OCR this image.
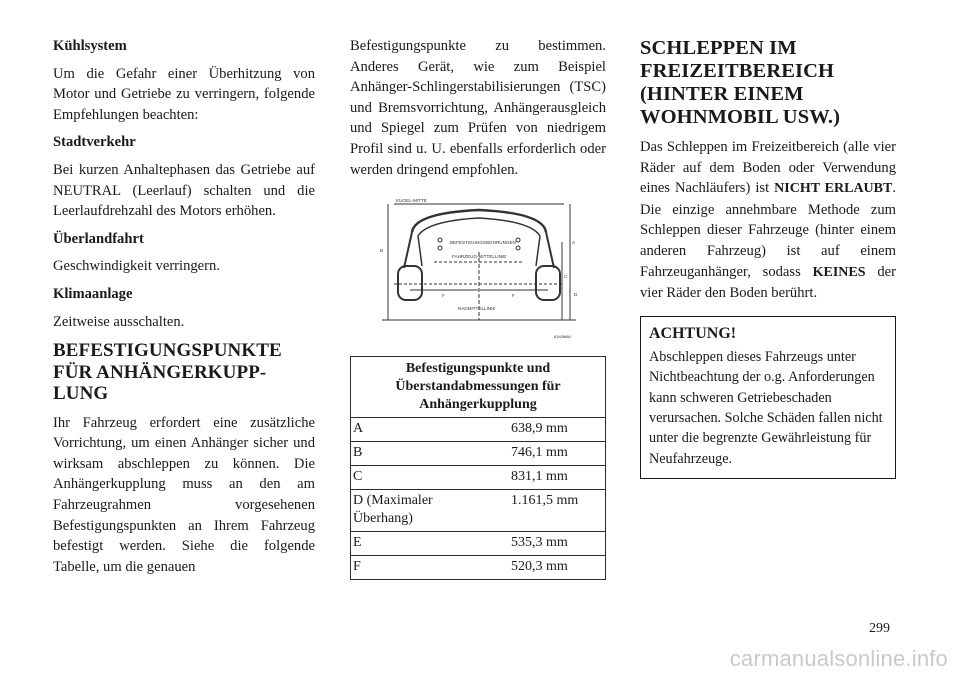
Kühlsystem

Um die Gefahr einer Überhitzung von Motor und Getriebe zu verringern, folgende Empfehlungen beachten:

Stadtverkehr

Bei kurzen Anhaltephasen das Getriebe auf NEUTRAL (Leerlauf) schalten und die Leerlaufdrehzahl des Motors erhöhen.

Überlandfahrt

Geschwindigkeit verringern.

Klimaanlage

Zeitweise ausschalten.

BEFESTIGUNGSPUNKTE FÜR ANHÄNGERKUPP-LUNG

Ihr Fahrzeug erfordert eine zusätzliche Vorrichtung, um einen Anhänger sicher und wirksam abschleppen zu können. Die Anhängerkupplung muss an den am Fahrzeugrahmen vorgesehenen Befestigungspunkten an Ihrem Fahrzeug befestigt werden. Siehe die folgende Tabelle, um die genauen

Befestigungspunkte zu bestimmen. Anderes Gerät, wie zum Beispiel Anhänger-Schlingerstabilisierungen (TSC) und Bremsvorrichtung, Anhängerausgleich und Spiegel zum Prüfen von niedrigem Profil sind u. U. ebenfalls erforderlich oder werden dringend empfohlen.

KUGEL-MITTE
BEFESTIGUNGSBOHRUNGEN
FAHRZEUG-MITTELLINIE
RADMITTELLINIE
B
A
C
D
F	F
81b2f686
Befestigungspunkte und Überstandabmessungen für Anhängerkupplung	
A	638,9 mm
B	746,1 mm
C	831,1 mm
D (Maximaler Überhang)	1.161,5 mm
E	535,3 mm
F	520,3 mm
SCHLEPPEN IM FREIZEITBEREICH (HINTER EINEM WOHNMOBIL USW.)

Das Schleppen im Freizeitbereich (alle vier Räder auf dem Boden oder Verwendung eines Nachläufers) ist NICHT ERLAUBT. Die einzige annehmbare Methode zum Schleppen dieser Fahrzeuge (hinter einem anderen Fahrzeug) ist auf einem Fahrzeuganhänger, sodass KEINES der vier Räder den Boden berührt.

ACHTUNG!

Abschleppen dieses Fahrzeugs unter Nichtbeachtung der o.g. Anforderungen kann schweren Getriebeschaden verursachen. Solche Schäden fallen nicht unter die begrenzte Gewährleistung für Neufahrzeuge.

299
carmanualsonline.info
